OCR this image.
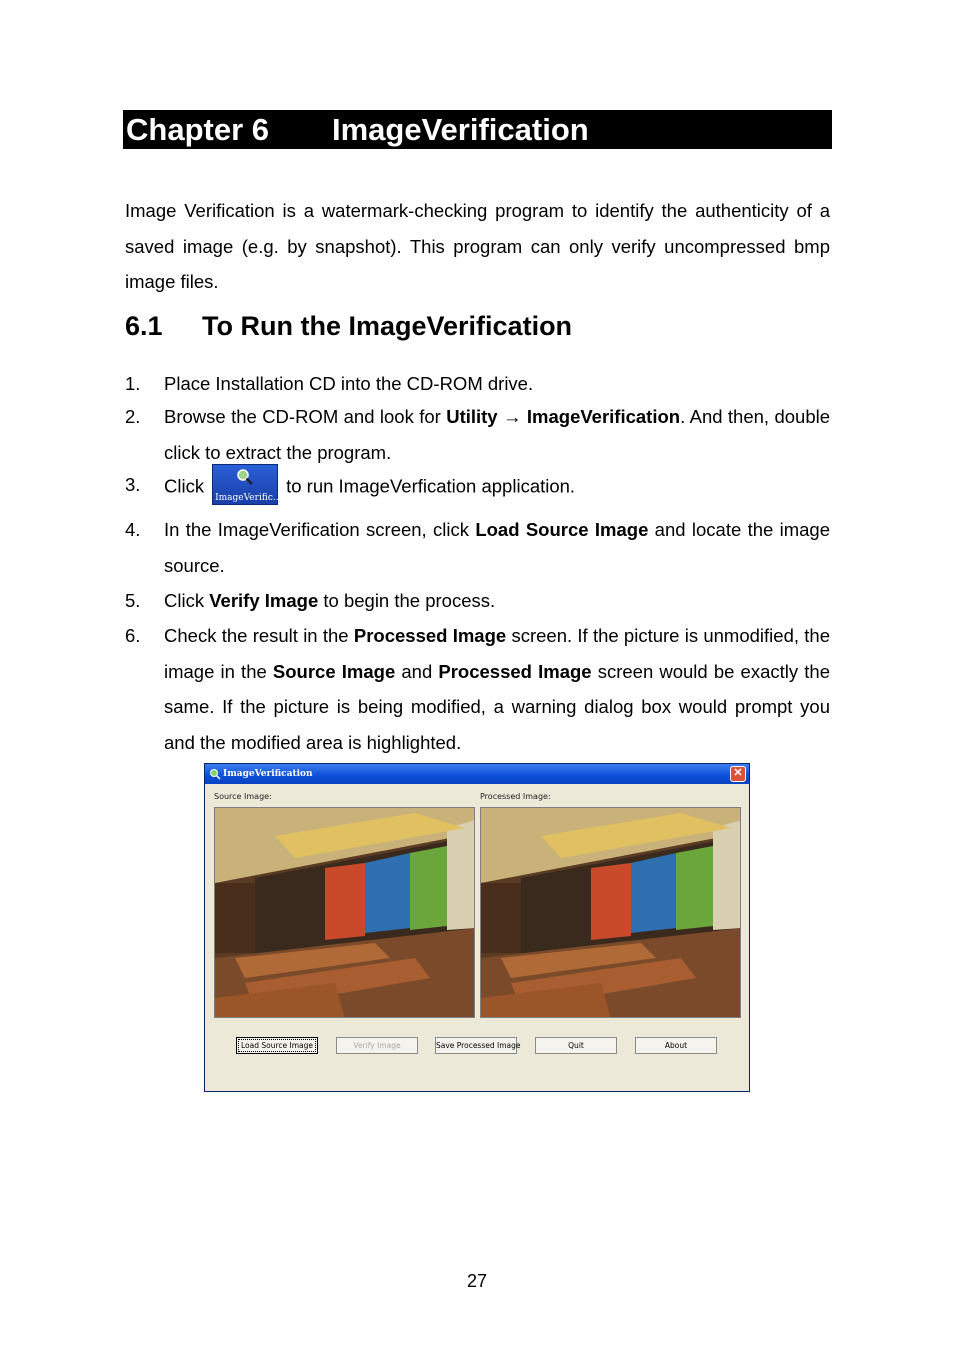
Chapter 6 ImageVerification

Image Verification is a watermark-checking program to identify the authenticity of a saved image (e.g. by snapshot). This program can only verify uncompressed bmp image files.

6.1 To Run the ImageVerification
1. Place Installation CD into the CD-ROM drive.
2. Browse the CD-ROM and look for Utility → ImageVerification. And then, double click to extract the program.
3. Click
ImageVerific...
to run ImageVerfication application.
4. In the ImageVerification screen, click Load Source Image and locate the image source.
5. Click Verify Image to begin the process.
6. Check the result in the Processed Image screen. If the picture is unmodified, the image in the Source Image and Processed Image screen would be exactly the same. If the picture is being modified, a warning dialog box would prompt you and the modified area is highlighted.
ImageVerification	✕
Source Image:	Processed Image:
Load Source Image	Verify Image	Save Processed Image	Quit	About
27
